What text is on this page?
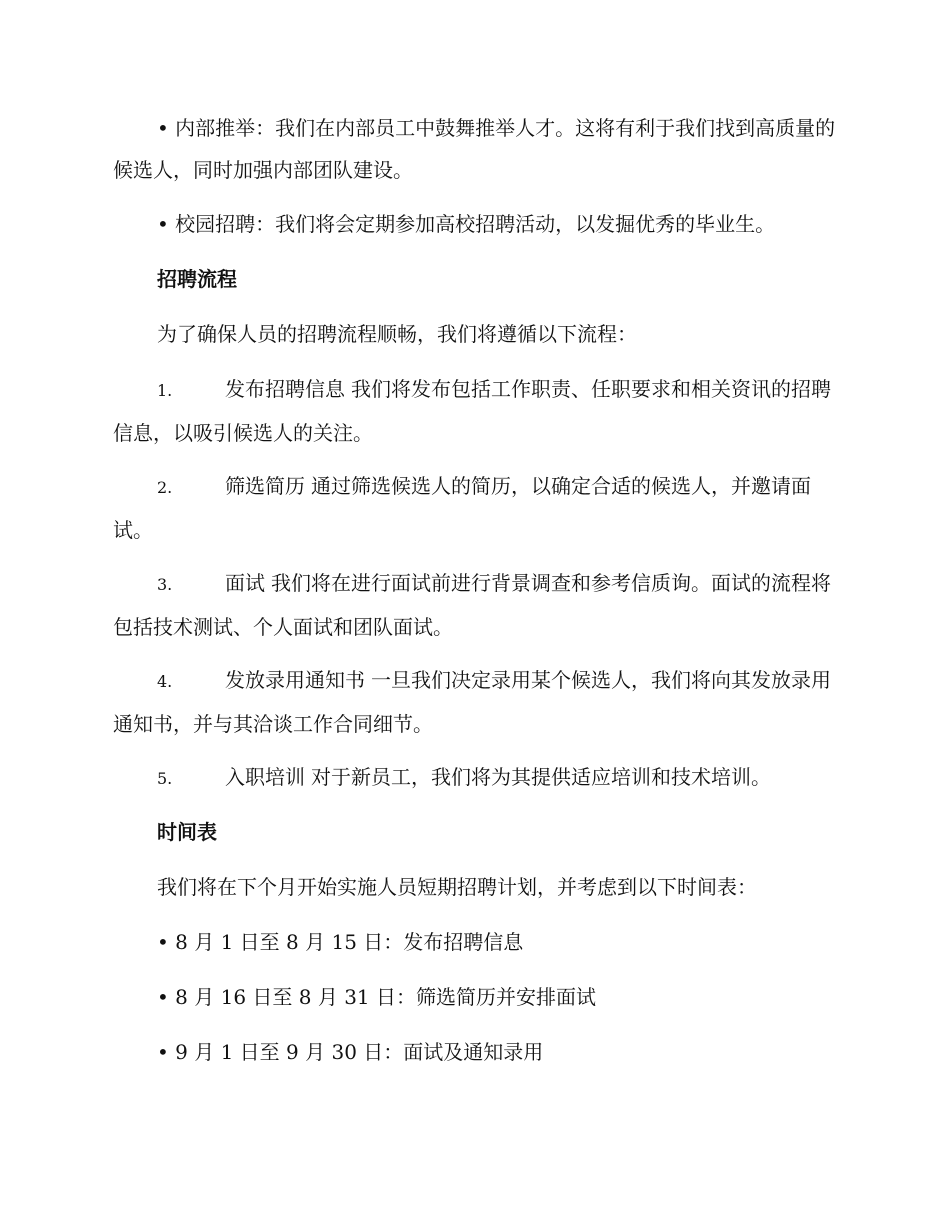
• 内部推举：我们在内部员工中鼓舞推举人才。这将有利于我们找到高质量的候选人，同时加强内部团队建设。
• 校园招聘：我们将会定期参加高校招聘活动，以发掘优秀的毕业生。
招聘流程
为了确保人员的招聘流程顺畅，我们将遵循以下流程：
1.	发布招聘信息 我们将发布包括工作职责、任职要求和相关资讯的招聘信息，以吸引候选人的关注。
2.	筛选简历 通过筛选候选人的简历，以确定合适的候选人，并邀请面试。
3.	面试 我们将在进行面试前进行背景调查和参考信质询。面试的流程将包括技术测试、个人面试和团队面试。
4.	发放录用通知书 一旦我们决定录用某个候选人，我们将向其发放录用通知书，并与其洽谈工作合同细节。
5.	入职培训 对于新员工，我们将为其提供适应培训和技术培训。
时间表
我们将在下个月开始实施人员短期招聘计划，并考虑到以下时间表：
• 8 月 1 日至 8 月 15 日：发布招聘信息
• 8 月 16 日至 8 月 31 日：筛选简历并安排面试
• 9 月 1 日至 9 月 30 日：面试及通知录用
